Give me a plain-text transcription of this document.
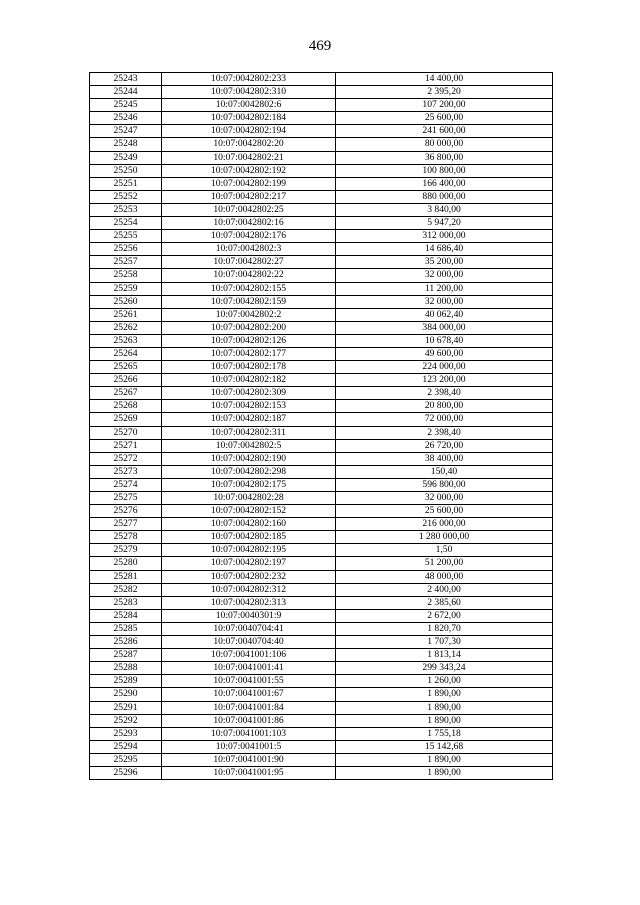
469
25243	10:07:0042802:233	14 400,00
25244	10:07:0042802:310	2 395,20
25245	10:07:0042802:6	107 200,00
25246	10:07:0042802:184	25 600,00
25247	10:07:0042802:194	241 600,00
25248	10:07:0042802:20	80 000,00
25249	10:07:0042802:21	36 800,00
25250	10:07:0042802:192	100 800,00
25251	10:07:0042802:199	166 400,00
25252	10:07:0042802:217	880 000,00
25253	10:07:0042802:25	3 840,00
25254	10:07:0042802:16	5 947,20
25255	10:07:0042802:176	312 000,00
25256	10:07:0042802:3	14 686,40
25257	10:07:0042802:27	35 200,00
25258	10:07:0042802:22	32 000,00
25259	10:07:0042802:155	11 200,00
25260	10:07:0042802:159	32 000,00
25261	10:07:0042802:2	40 062,40
25262	10:07:0042802:200	384 000,00
25263	10:07:0042802:126	10 678,40
25264	10:07:0042802:177	49 600,00
25265	10:07:0042802:178	224 000,00
25266	10:07:0042802:182	123 200,00
25267	10:07:0042802:309	2 398,40
25268	10:07:0042802:153	20 800,00
25269	10:07:0042802:187	72 000,00
25270	10:07:0042802:311	2 398,40
25271	10:07:0042802:5	26 720,00
25272	10:07:0042802:190	38 400,00
25273	10:07:0042802:298	150,40
25274	10:07:0042802:175	596 800,00
25275	10:07:0042802:28	32 000,00
25276	10:07:0042802:152	25 600,00
25277	10:07:0042802:160	216 000,00
25278	10:07:0042802:185	1 280 000,00
25279	10:07:0042802:195	1,50
25280	10:07:0042802:197	51 200,00
25281	10:07:0042802:232	48 000,00
25282	10:07:0042802:312	2 400,00
25283	10:07:0042802:313	2 385,60
25284	10:07:0040301:9	2 672,00
25285	10:07:0040704:41	1 820,70
25286	10:07:0040704:40	1 707,30
25287	10:07:0041001:106	1 813,14
25288	10:07:0041001:41	299 343,24
25289	10:07:0041001:55	1 260,00
25290	10:07:0041001:67	1 890,00
25291	10:07:0041001:84	1 890,00
25292	10:07:0041001:86	1 890,00
25293	10:07:0041001:103	1 755,18
25294	10:07:0041001:5	15 142,68
25295	10:07:0041001:90	1 890,00
25296	10:07:0041001:95	1 890,00
